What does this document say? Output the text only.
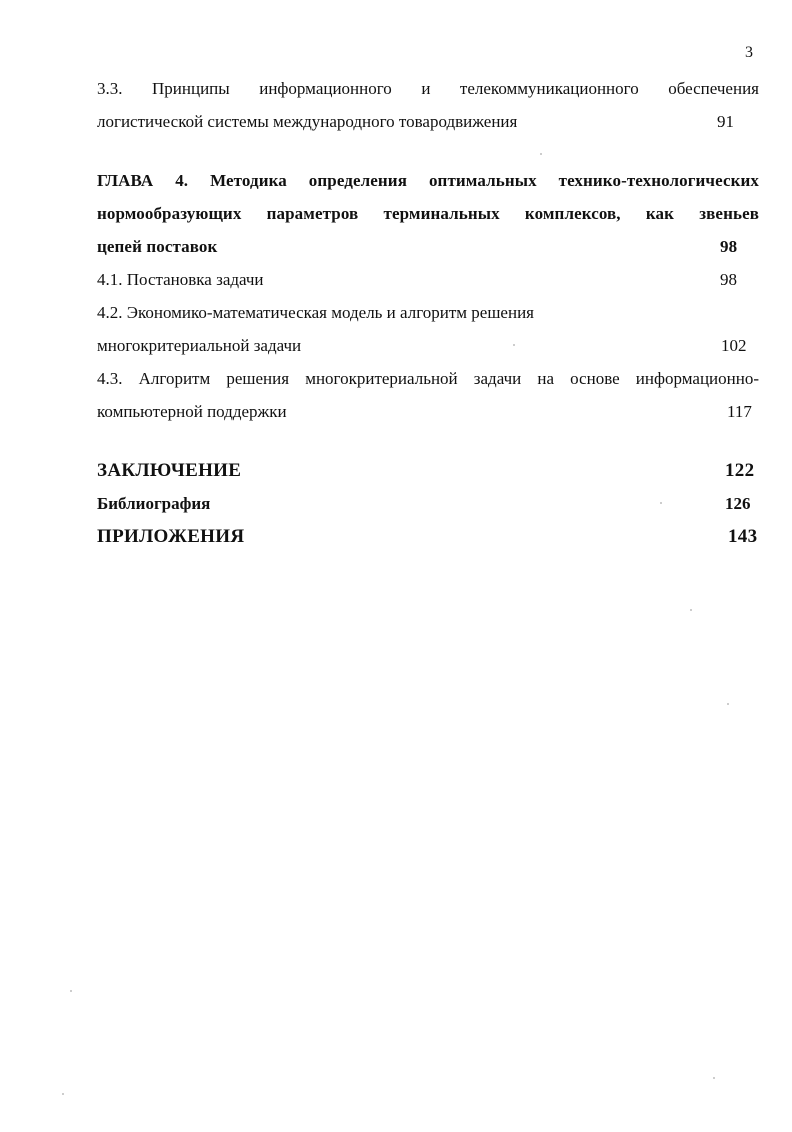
3
3.3. Принципы информационного и телекоммуникационного обеспечения
логистической системы международного товародвижения	91
ГЛАВА 4. Методика определения оптимальных технико-технологических
нормообразующих параметров терминальных комплексов, как звеньев
цепей поставок	98
4.1. Постановка задачи	98
4.2. Экономико-математическая модель и алгоритм решения
многокритериальной задачи	102
4.3. Алгоритм решения многокритериальной задачи на основе информационно-
компьютерной поддержки	117
ЗАКЛЮЧЕНИЕ	122
Библиография	126
ПРИЛОЖЕНИЯ	143
